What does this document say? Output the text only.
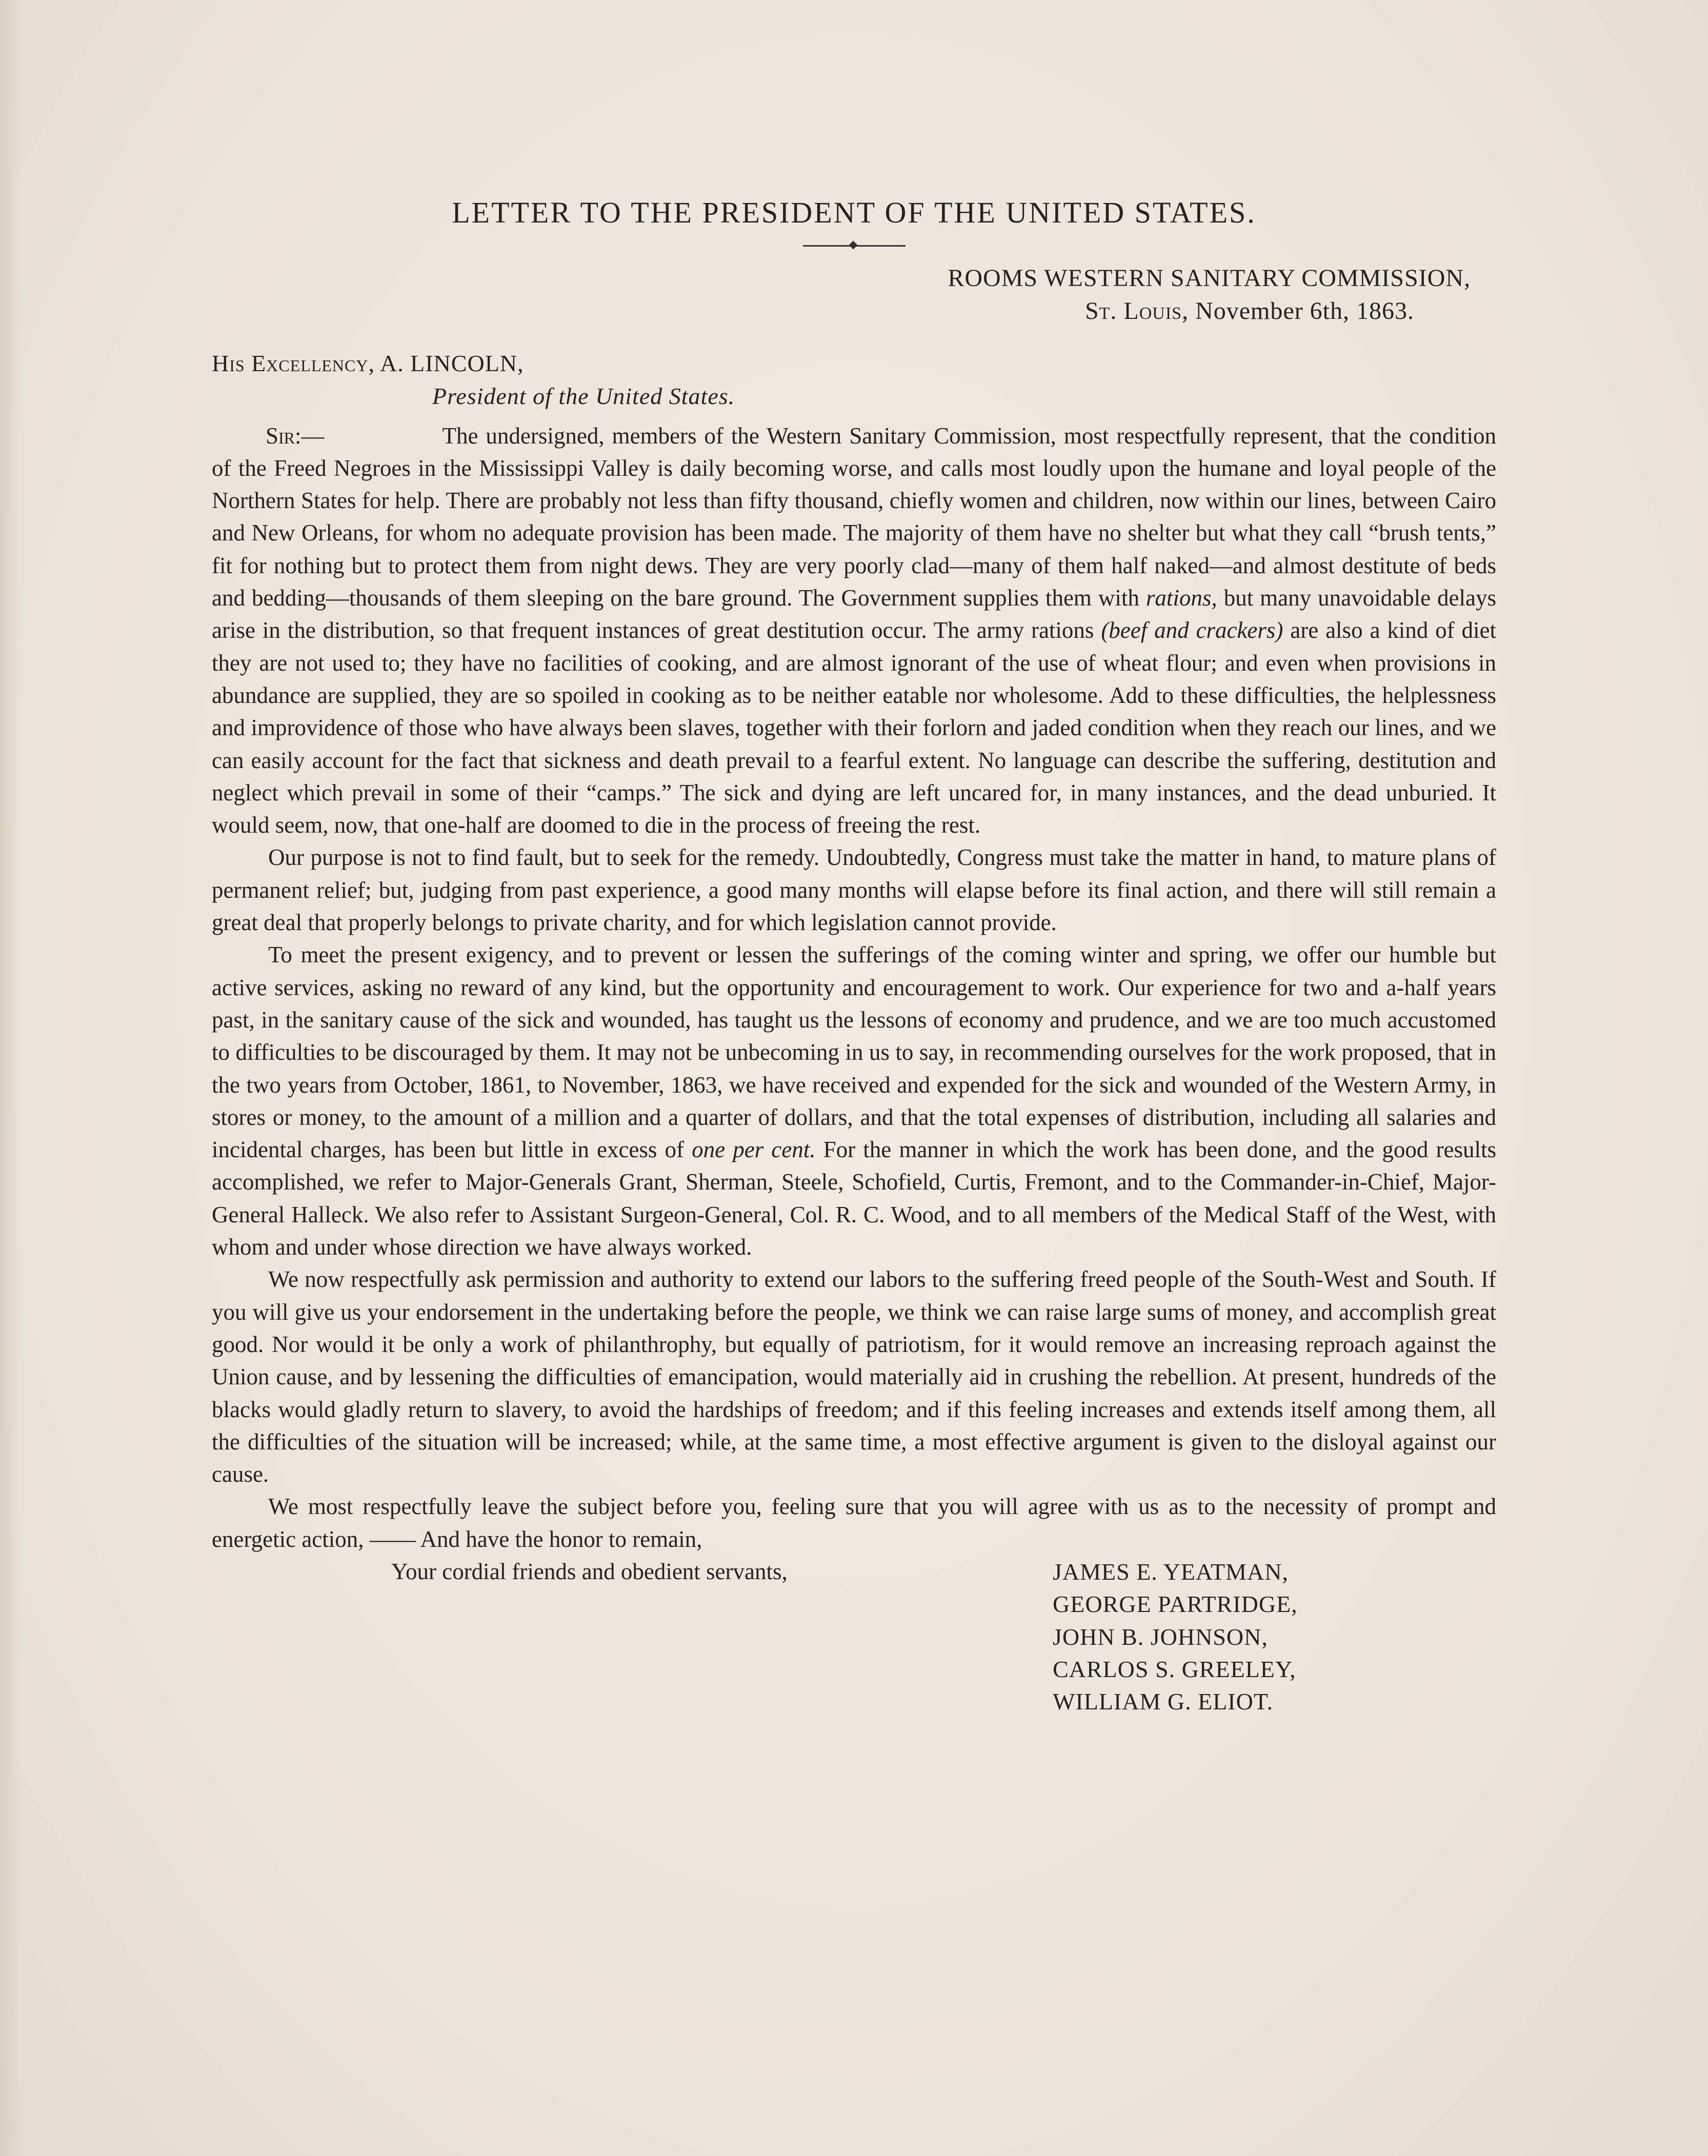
LETTER TO THE PRESIDENT OF THE UNITED STATES.
ROOMS WESTERN SANITARY COMMISSION,
St. Louis, November 6th, 1863.
His Excellency, A. LINCOLN,
President of the United States.

Sir:—	The undersigned, members of the Western Sanitary Commission, most respectfully represent, that the condition of the Freed Negroes in the Mississippi Valley is daily becoming worse, and calls most loudly upon the humane and loyal people of the Northern States for help. There are probably not less than fifty thousand, chiefly women and children, now within our lines, between Cairo and New Orleans, for whom no adequate provision has been made. The majority of them have no shelter but what they call “brush tents,” fit for nothing but to protect them from night dews. They are very poorly clad—many of them half naked—and almost destitute of beds and bedding—thousands of them sleeping on the bare ground. The Government supplies them with rations, but many unavoidable delays arise in the distribution, so that frequent instances of great destitution occur. The army rations (beef and crackers) are also a kind of diet they are not used to; they have no facilities of cooking, and are almost ignorant of the use of wheat flour; and even when provisions in abundance are supplied, they are so spoiled in cooking as to be neither eatable nor wholesome. Add to these difficulties, the helplessness and improvidence of those who have always been slaves, together with their forlorn and jaded condition when they reach our lines, and we can easily account for the fact that sickness and death prevail to a fearful extent. No language can describe the suffering, destitution and neglect which prevail in some of their “camps.” The sick and dying are left uncared for, in many instances, and the dead unburied. It would seem, now, that one-half are doomed to die in the process of freeing the rest.

Our purpose is not to find fault, but to seek for the remedy. Undoubtedly, Congress must take the matter in hand, to mature plans of permanent relief; but, judging from past experience, a good many months will elapse before its final action, and there will still remain a great deal that properly belongs to private charity, and for which legislation cannot provide.

To meet the present exigency, and to prevent or lessen the sufferings of the coming winter and spring, we offer our humble but active services, asking no reward of any kind, but the opportunity and encouragement to work. Our experience for two and a-half years past, in the sanitary cause of the sick and wounded, has taught us the lessons of economy and prudence, and we are too much accustomed to difficulties to be discouraged by them. It may not be unbecoming in us to say, in recommending ourselves for the work proposed, that in the two years from October, 1861, to November, 1863, we have received and expended for the sick and wounded of the Western Army, in stores or money, to the amount of a million and a quarter of dollars, and that the total expenses of distribution, including all salaries and incidental charges, has been but little in excess of one per cent. For the manner in which the work has been done, and the good results accomplished, we refer to Major-Generals Grant, Sherman, Steele, Schofield, Curtis, Fremont, and to the Commander-in-Chief, Major-General Halleck. We also refer to Assistant Surgeon-General, Col. R. C. Wood, and to all members of the Medical Staff of the West, with whom and under whose direction we have always worked.

We now respectfully ask permission and authority to extend our labors to the suffering freed people of the South-West and South. If you will give us your endorsement in the undertaking before the people, we think we can raise large sums of money, and accomplish great good. Nor would it be only a work of philanthrophy, but equally of patriotism, for it would remove an increasing reproach against the Union cause, and by lessening the difficulties of emancipation, would materially aid in crushing the rebellion. At present, hundreds of the blacks would gladly return to slavery, to avoid the hardships of freedom; and if this feeling increases and extends itself among them, all the difficulties of the situation will be increased; while, at the same time, a most effective argument is given to the disloyal against our cause.

We most respectfully leave the subject before you, feeling sure that you will agree with us as to the necessity of prompt and energetic action, —— And have the honor to remain,

Your cordial friends and obedient servants,	JAMES E. YEATMAN,
GEORGE PARTRIDGE,
JOHN B. JOHNSON,
CARLOS S. GREELEY,
WILLIAM G. ELIOT.
